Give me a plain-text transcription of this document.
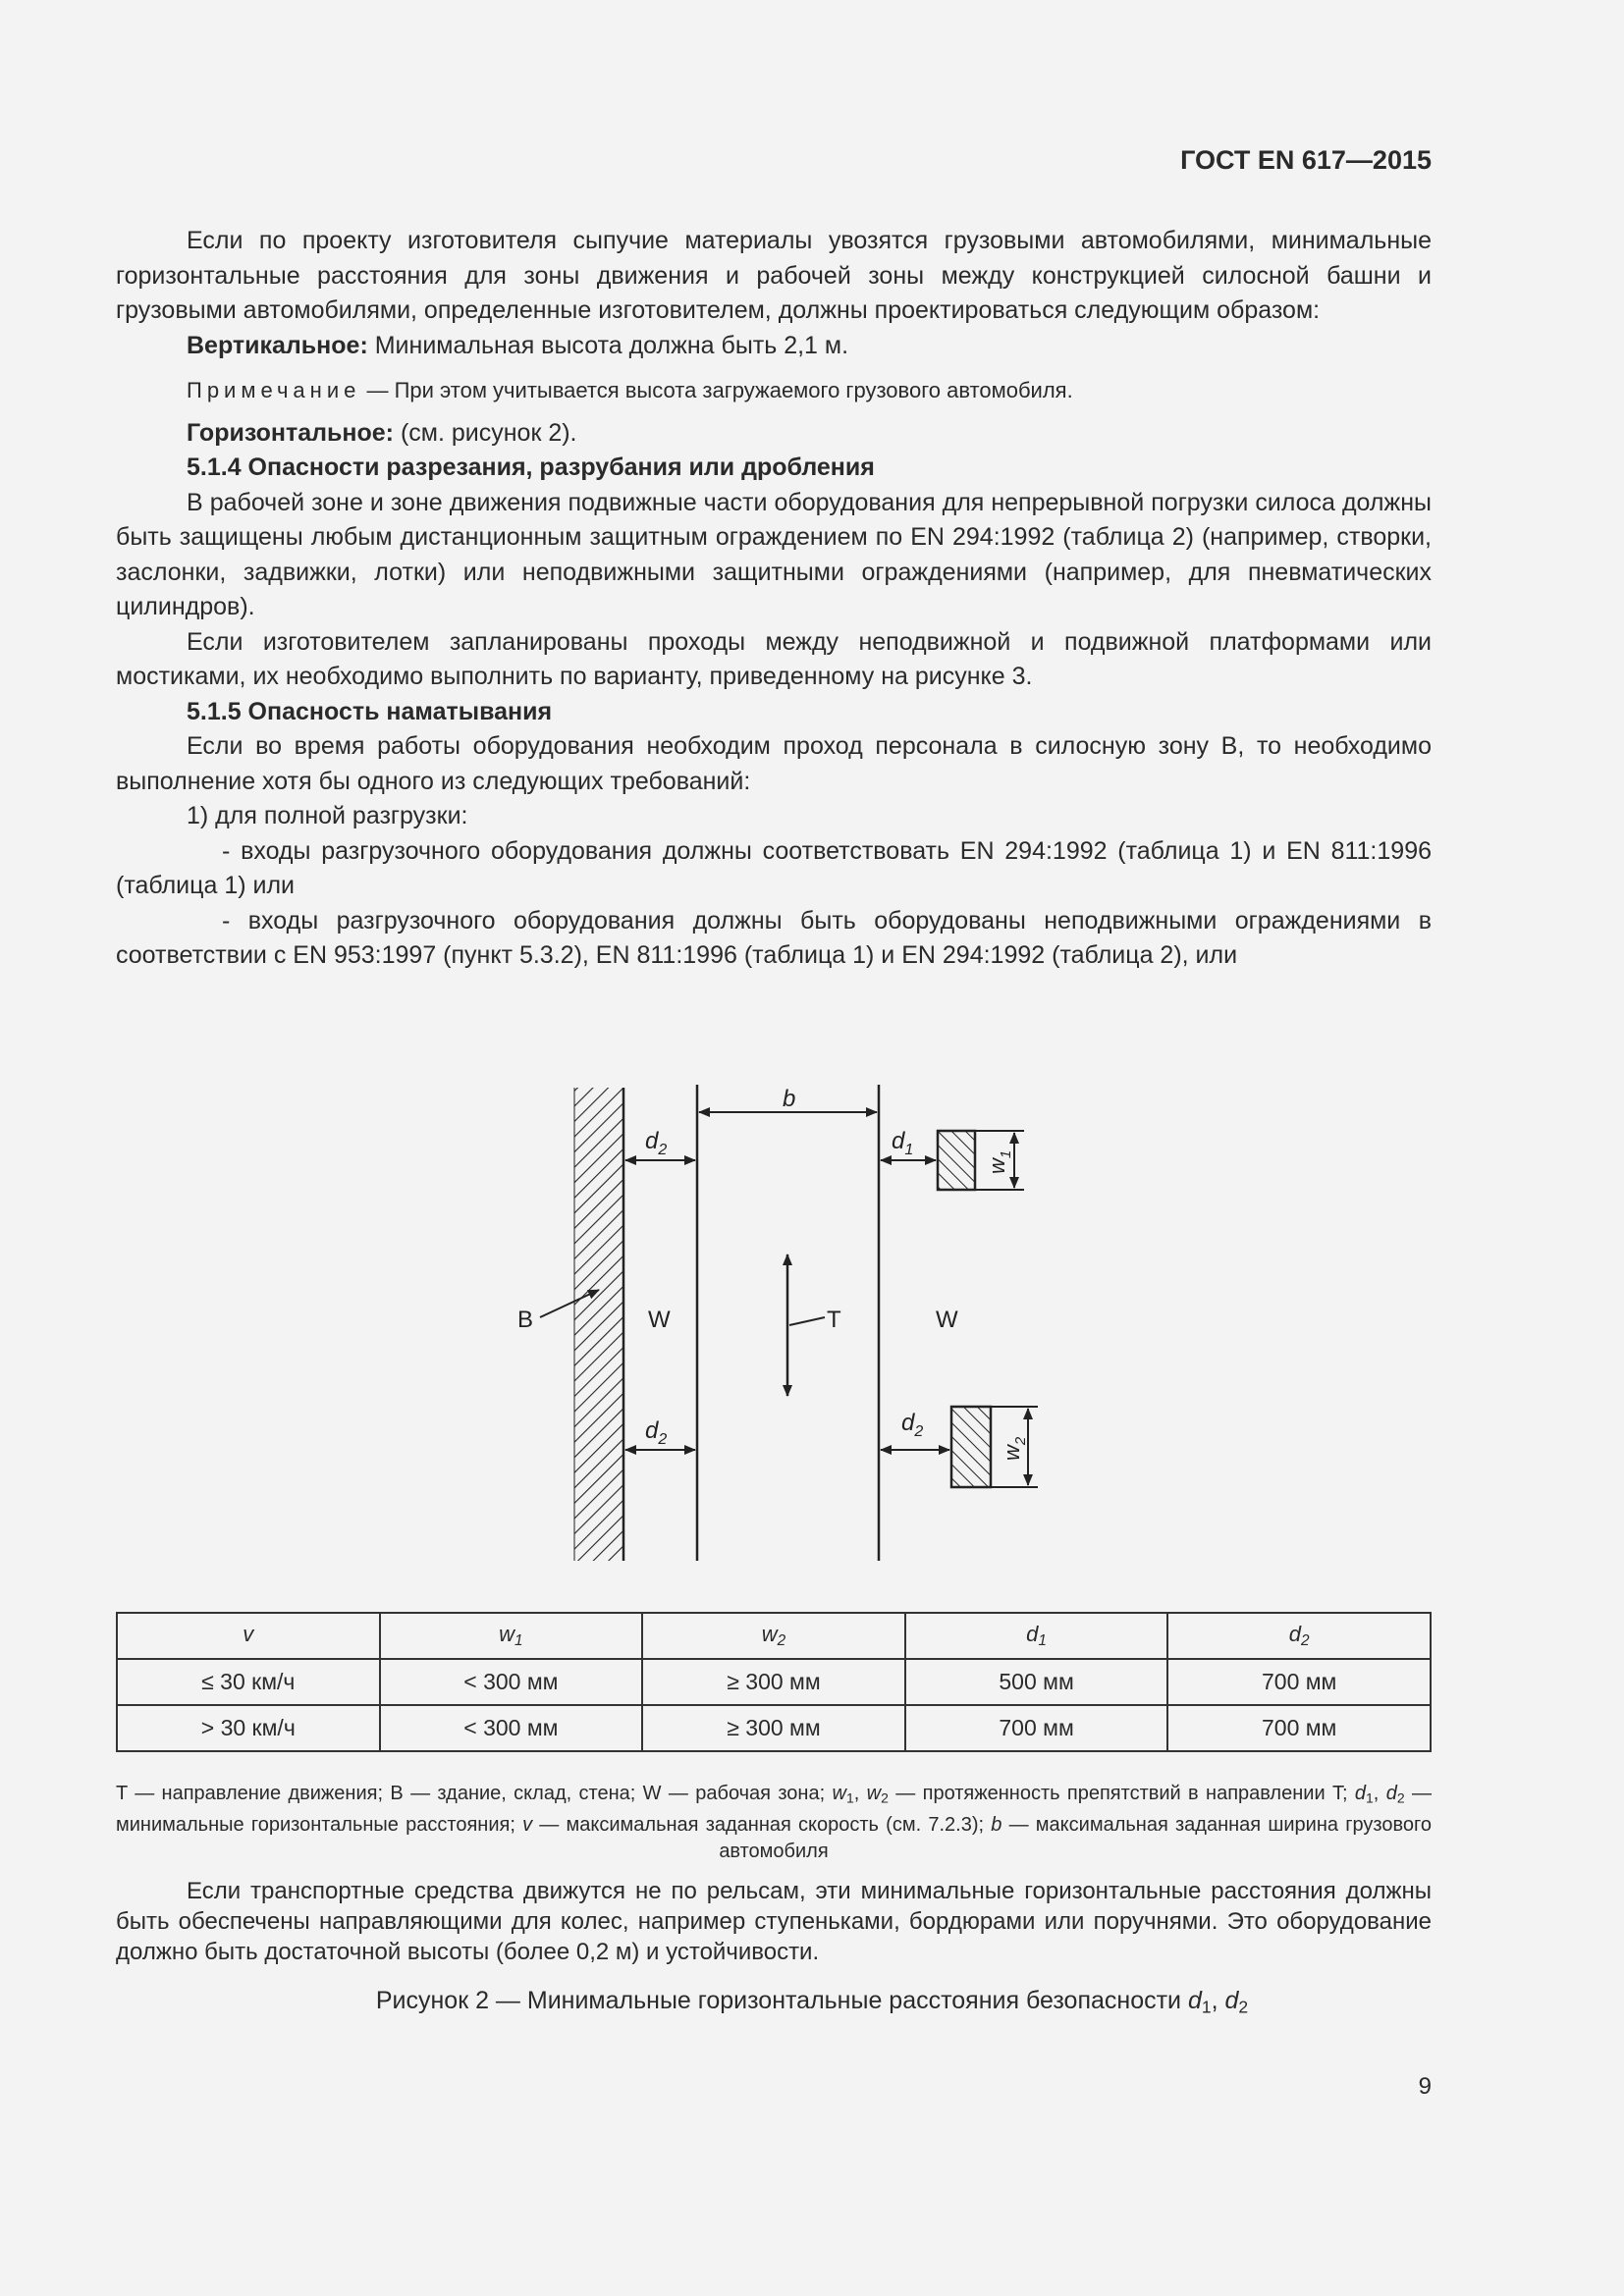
ГОСТ EN 617—2015

Если по проекту изготовителя сыпучие материалы увозятся грузовыми автомобилями, минимальные горизонтальные расстояния для зоны движения и рабочей зоны между конструкцией силосной башни и грузовыми автомобилями, определенные изготовителем, должны проектироваться следующим образом:

Вертикальное: Минимальная высота должна быть 2,1 м.

Примечание — При этом учитывается высота загружаемого грузового автомобиля.

Горизонтальное: (см. рисунок 2).

5.1.4 Опасности разрезания, разрубания или дробления

В рабочей зоне и зоне движения подвижные части оборудования для непрерывной погрузки силоса должны быть защищены любым дистанционным защитным ограждением по EN 294:1992 (таблица 2) (например, створки, заслонки, задвижки, лотки) или неподвижными защитными ограждениями (например, для пневматических цилиндров).

Если изготовителем запланированы проходы между неподвижной и подвижной платформами или мостиками, их необходимо выполнить по варианту, приведенному на рисунке 3.

5.1.5 Опасность наматывания

Если во время работы оборудования необходим проход персонала в силосную зону B, то необходимо выполнение хотя бы одного из следующих требований:

1) для полной разгрузки:

- входы разгрузочного оборудования должны соответствовать EN 294:1992 (таблица 1) и EN 811:1996 (таблица 1) или

- входы разгрузочного оборудования должны быть оборудованы неподвижными ограждениями в соответствии с EN 953:1997 (пункт 5.3.2), EN 811:1996 (таблица 1) и EN 294:1992 (таблица 2), или

b
$d_2$
$d_2$
$d_1$
$w_1$
$d_2$
$w_2$
T
B	W	W
v	$w_1$	$w_2$	$d_1$	$d_2$
≤ 30 км/ч	< 300 мм	≥ 300 мм	500 мм	700 мм
> 30 км/ч	< 300 мм	≥ 300 мм	700 мм	700 мм
T — направление движения; B — здание, склад, стена; W — рабочая зона; $w_1$, $w_2$ — протяженность препятствий в направлении T; $d_1$, $d_2$ — минимальные горизонтальные расстояния; v — максимальная заданная скорость (см. 7.2.3); b — максимальная заданная ширина грузового автомобиля

Если транспортные средства движутся не по рельсам, эти минимальные горизонтальные расстояния должны быть обеспечены направляющими для колес, например ступеньками, бордюрами или поручнями. Это оборудование должно быть достаточной высоты (более 0,2 м) и устойчивости.

Рисунок 2 — Минимальные горизонтальные расстояния безопасности $d_1$, $d_2$
9
